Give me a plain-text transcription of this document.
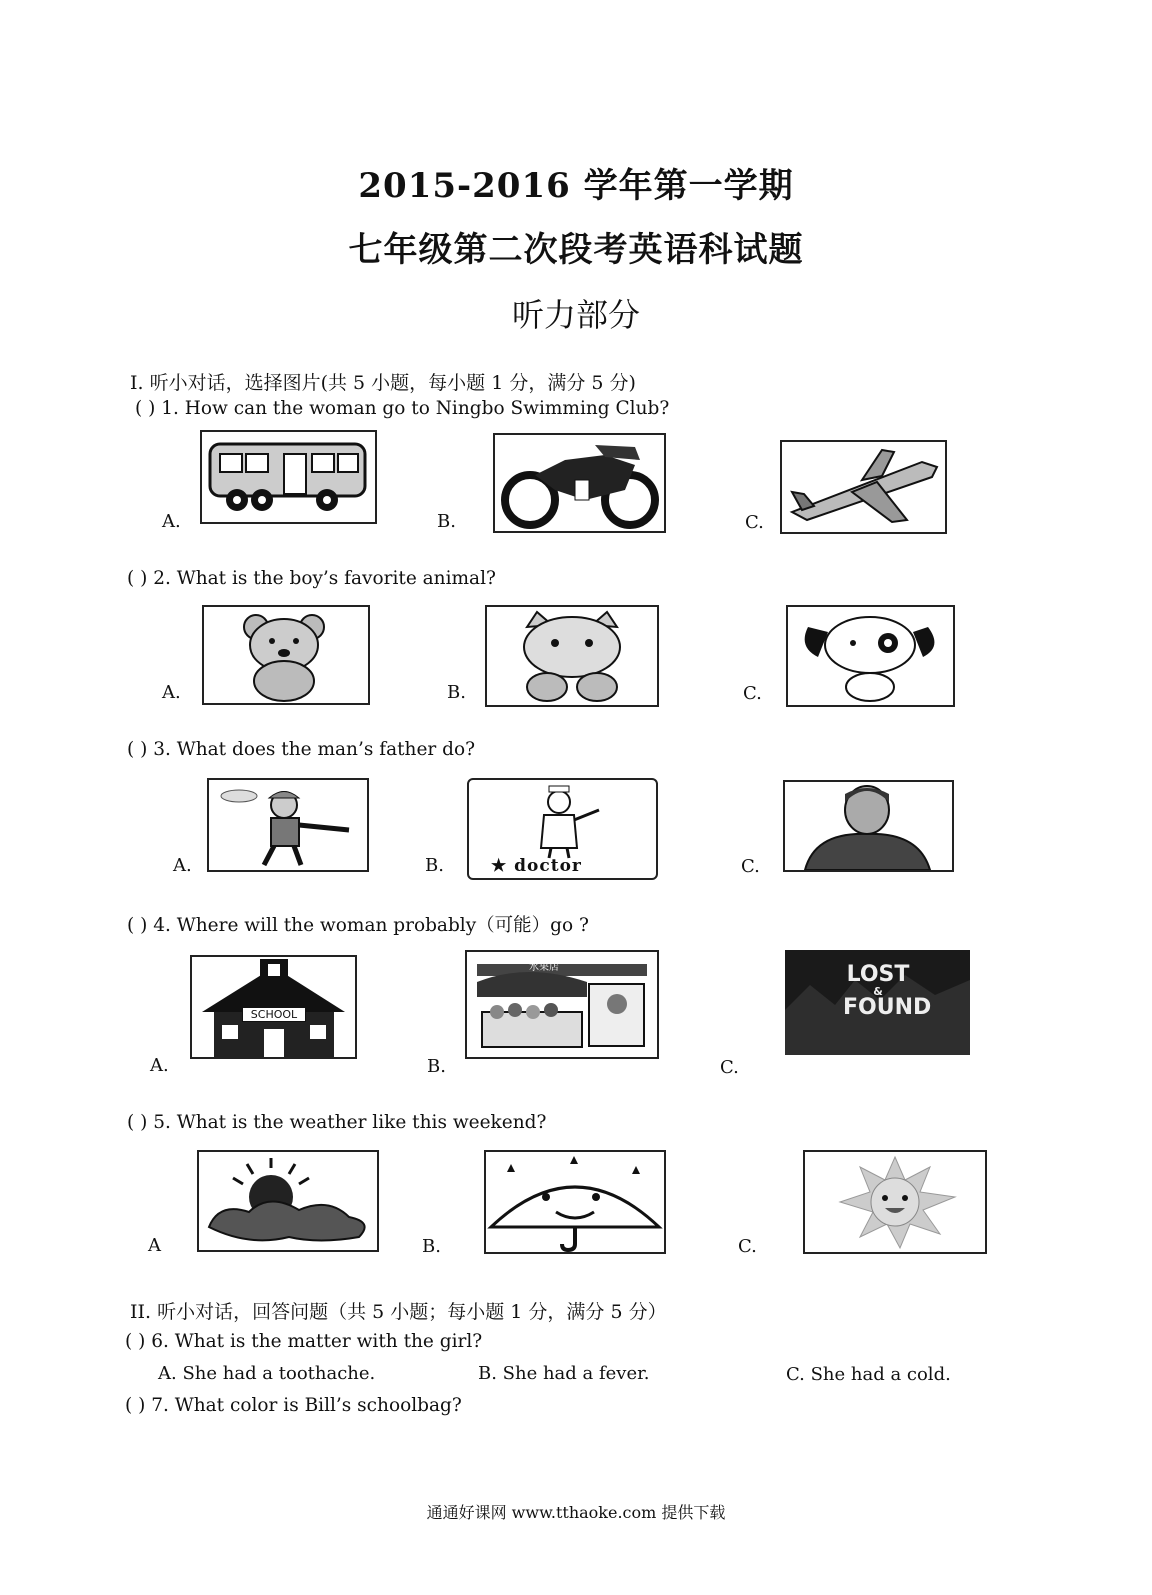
2015-2016 学年第一学期
七年级第二次段考英语科试题
听力部分
I. 听小对话，选择图片(共 5 小题，每小题 1 分，满分 5 分)
( ) 1. How can the woman go to Ningbo Swimming Club?
A.	B.	C.
( ) 2. What is the boy’s favorite animal?
A.	B.	C.
( ) 3. What does the man’s father do?
A.	★ doctor
B.	C.
( ) 4. Where will the woman probably（可能）go ?
SCHOOL
A.
水果店
B.
LOST
&
FOUND
C.
( ) 5. What is the weather like this weekend?
A	B.	C.
II. 听小对话，回答问题（共 5 小题；每小题 1 分，满分 5 分）
( ) 6. What is the matter with the girl?
A. She had a toothache.	B. She had a fever.	C. She had a cold.
( ) 7. What color is Bill’s schoolbag?
通通好课网 www.tthaoke.com 提供下载
